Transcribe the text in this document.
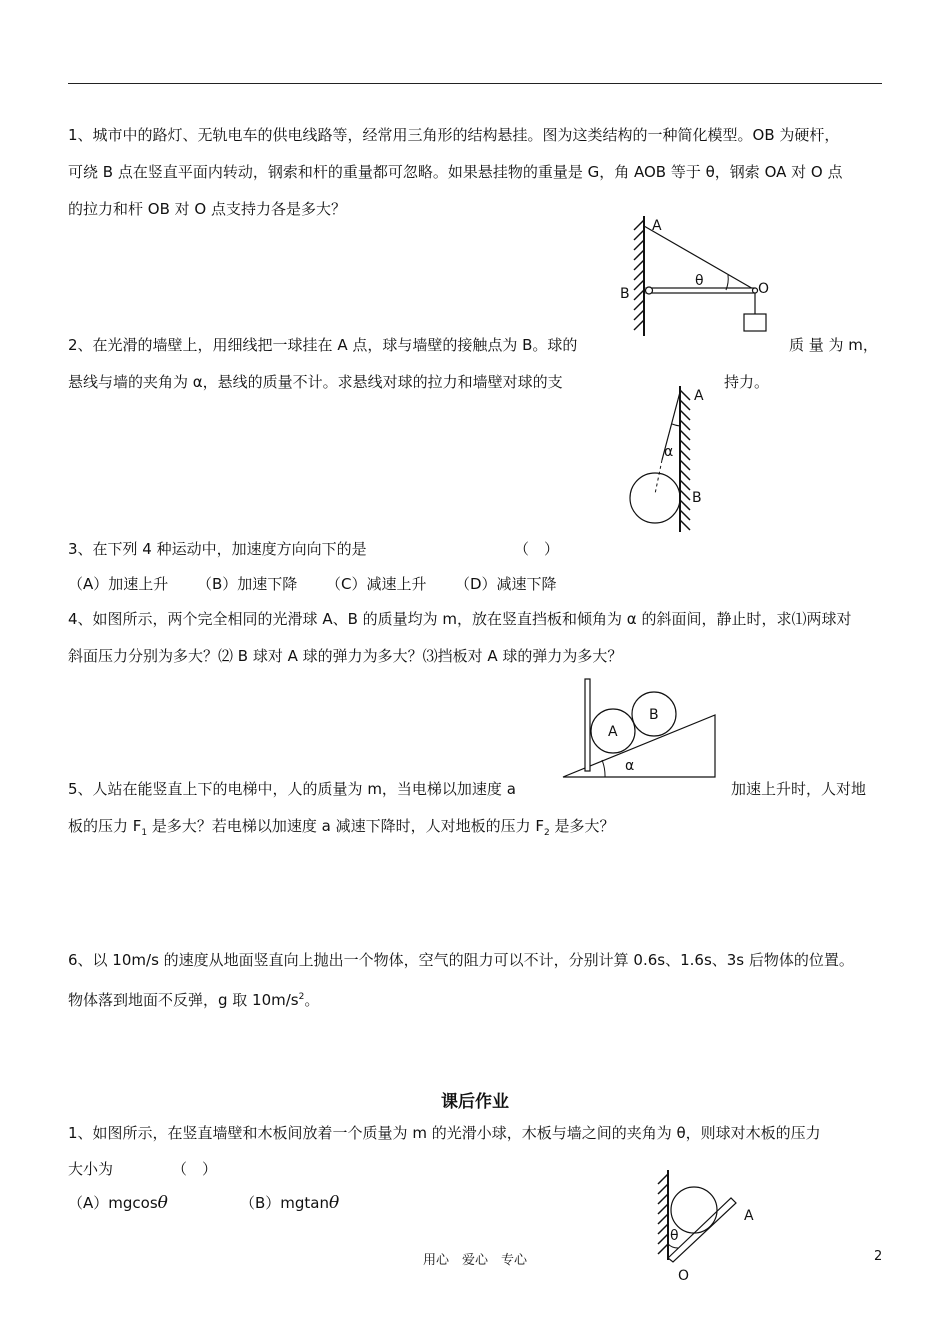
1、城市中的路灯、无轨电车的供电线路等，经常用三角形的结构悬挂。图为这类结构的一种简化模型。OB 为硬杆，
可绕 B 点在竖直平面内转动，钢索和杆的重量都可忽略。如果悬挂物的重量是 G，角 AOB 等于 θ，钢索 OA 对 O 点
的拉力和杆 OB 对 O 点支持力各是多大？
A
B	O
θ
2、在光滑的墙壁上，用细线把一球挂在 A 点，球与墙壁的接触点为 B。球的	质 量 为 m，
悬线与墙的夹角为 α，悬线的质量不计。求悬线对球的拉力和墙壁对球的支	持力。
A
α
B
3、在下列 4 种运动中，加速度方向向下的是	（　）
（A）加速上升 （B）加速下降 （C）减速上升 （D）减速下降
4、如图所示，两个完全相同的光滑球 A、B 的质量均为 m，放在竖直挡板和倾角为 α 的斜面间，静止时，求⑴两球对
斜面压力分别为多大？⑵ B 球对 A 球的弹力为多大？⑶挡板对 A 球的弹力为多大？
A
B
α
5、人站在能竖直上下的电梯中，人的质量为 m，当电梯以加速度 a	加速上升时，人对地
板的压力 $F_1$ 是多大？若电梯以加速度 a 减速下降时，人对地板的压力 $F_2$ 是多大？
6、以 10m/s 的速度从地面竖直向上抛出一个物体，空气的阻力可以不计，分别计算 0.6s、1.6s、3s 后物体的位置。
物体落到地面不反弹，g 取 $10m/s^2$。
课后作业
1、如图所示，在竖直墙壁和木板间放着一个质量为 m 的光滑小球，木板与墙之间的夹角为 θ，则球对木板的压力
大小为	（　）
（A）mgcosθ	（B）mgtanθ
A
θ
O
用心　爱心　专心	2
